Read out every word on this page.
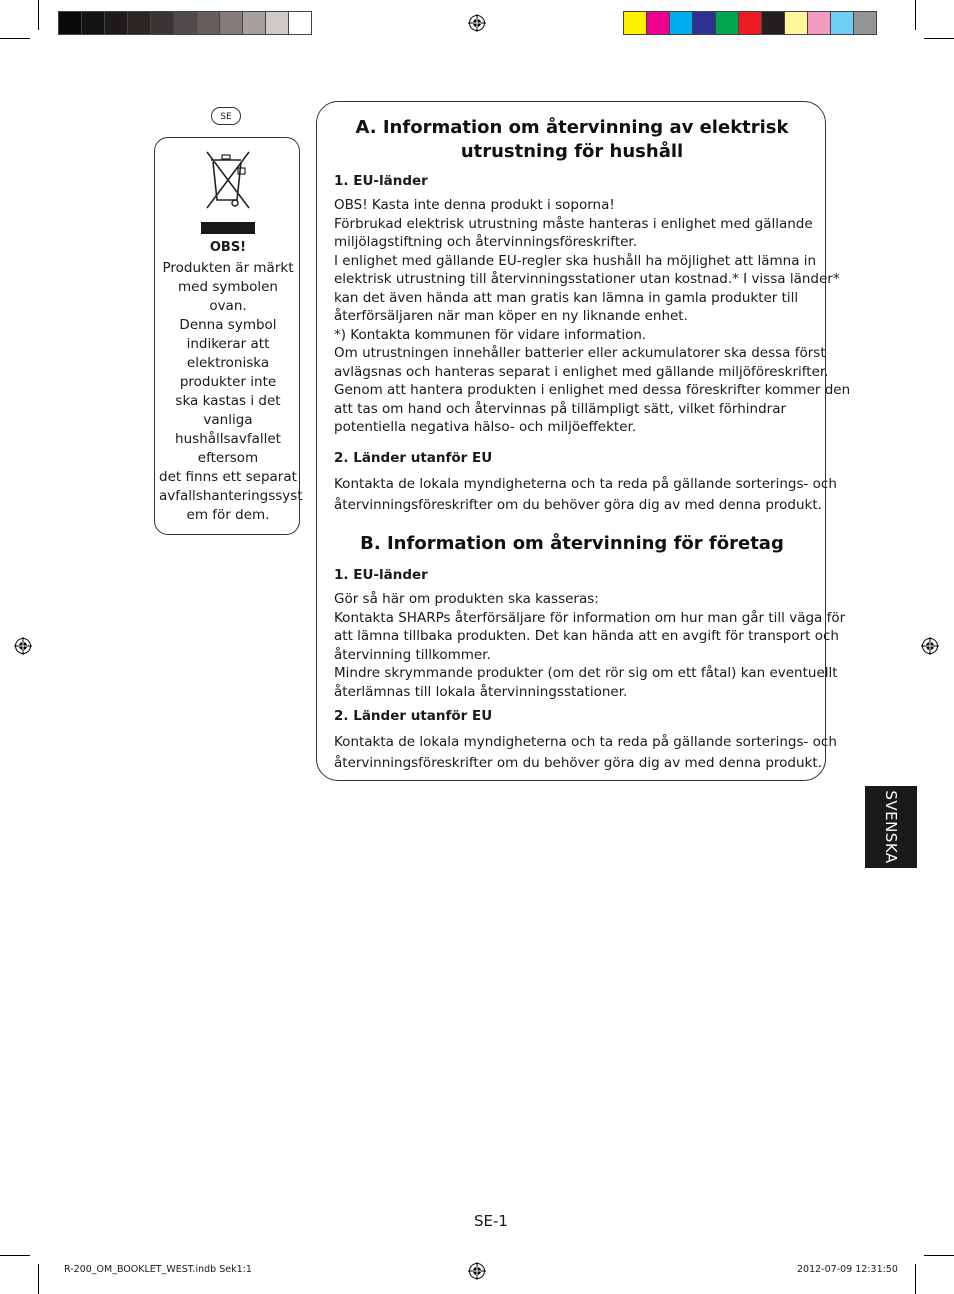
SE
OBS!
Produkten är märkt
med symbolen
ovan.
Denna symbol
indikerar att
elektroniska
produkter inte
ska kastas i det
vanliga
hushållsavfallet
eftersom
det finns ett separat
avfallshanteringssyst
em för dem.
A. Information om återvinning av elektrisk
utrustning för hushåll
1. EU-länder
OBS! Kasta inte denna produkt i soporna!
Förbrukad elektrisk utrustning måste hanteras i enlighet med gällande
miljölagstiftning och återvinningsföreskrifter.
I enlighet med gällande EU-regler ska hushåll ha möjlighet att lämna in
elektrisk utrustning till återvinningsstationer utan kostnad.* I vissa länder*
kan det även hända att man gratis kan lämna in gamla produkter till
återförsäljaren när man köper en ny liknande enhet.
*) Kontakta kommunen för vidare information.
Om utrustningen innehåller batterier eller ackumulatorer ska dessa först
avlägsnas och hanteras separat i enlighet med gällande miljöföreskrifter.
Genom att hantera produkten i enlighet med dessa föreskrifter kommer den
att tas om hand och återvinnas på tillämpligt sätt, vilket förhindrar
potentiella negativa hälso- och miljöeffekter.
2. Länder utanför EU
Kontakta de lokala myndigheterna och ta reda på gällande sorterings- och
återvinningsföreskrifter om du behöver göra dig av med denna produkt.
B. Information om återvinning för företag
1. EU-länder
Gör så här om produkten ska kasseras:
Kontakta SHARPs återförsäljare för information om hur man går till väga för
att lämna tillbaka produkten. Det kan hända att en avgift för transport och
återvinning tillkommer.
Mindre skrymmande produkter (om det rör sig om ett fåtal) kan eventuellt
återlämnas till lokala återvinningsstationer.
2. Länder utanför EU
Kontakta de lokala myndigheterna och ta reda på gällande sorterings- och
återvinningsföreskrifter om du behöver göra dig av med denna produkt.
SVENSKA
SE-1
R-200_OM_BOOKLET_WEST.indb Sek1:1	2012-07-09 12:31:50
